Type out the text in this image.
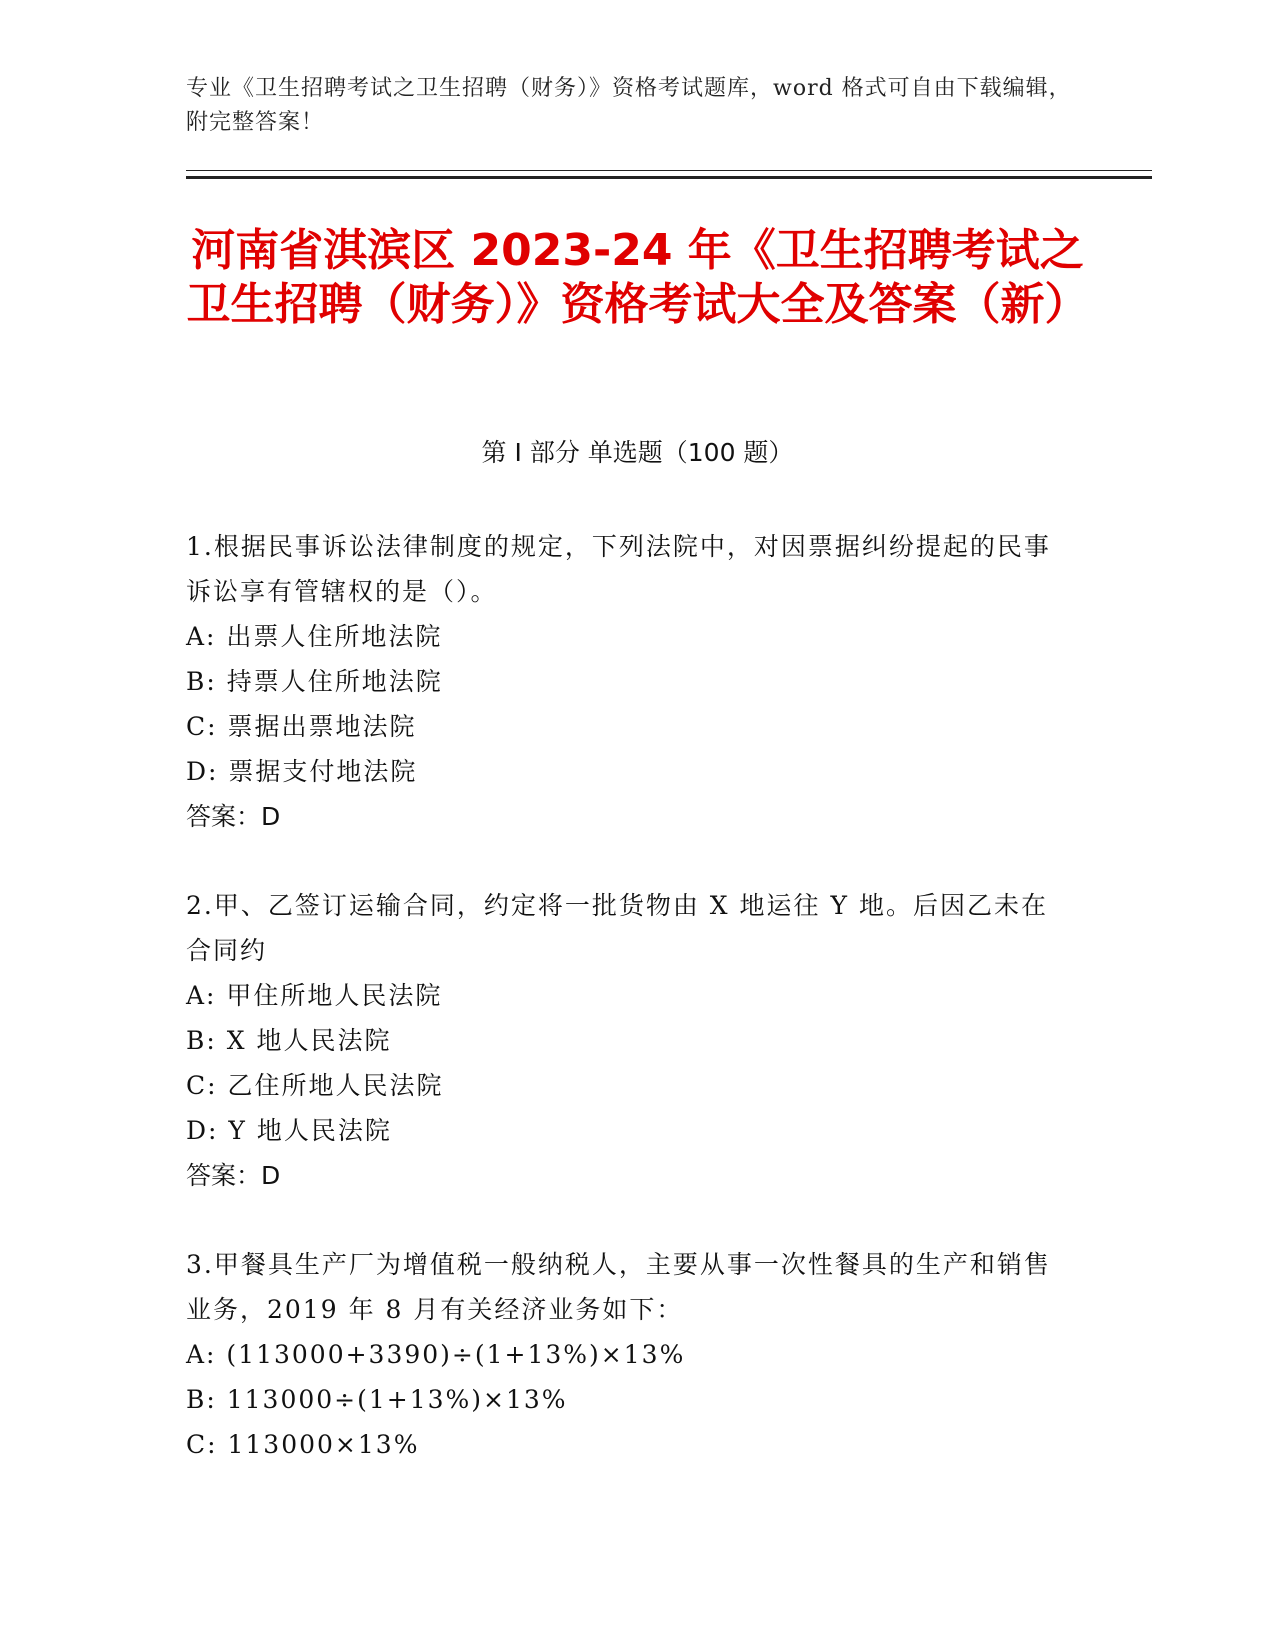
专业《卫生招聘考试之卫生招聘（财务）》资格考试题库，word 格式可自由下载编辑，附完整答案！
河南省淇滨区 2023-24 年《卫生招聘考试之卫生招聘（财务）》资格考试大全及答案（新）
第 I 部分 单选题（100 题）

1.根据民事诉讼法律制度的规定，下列法院中，对因票据纠纷提起的民事诉讼享有管辖权的是（）。

A: 出票人住所地法院

B: 持票人住所地法院

C: 票据出票地法院

D: 票据支付地法院

答案：D

2.甲、乙签订运输合同，约定将一批货物由 X 地运往 Y 地。后因乙未在合同约

A: 甲住所地人民法院

B: X 地人民法院

C: 乙住所地人民法院

D: Y 地人民法院

答案：D

3.甲餐具生产厂为增值税一般纳税人，主要从事一次性餐具的生产和销售业务，2019 年 8 月有关经济业务如下：

A: (113000+3390)÷(1+13%)×13%

B: 113000÷(1+13%)×13%

C: 113000×13%
